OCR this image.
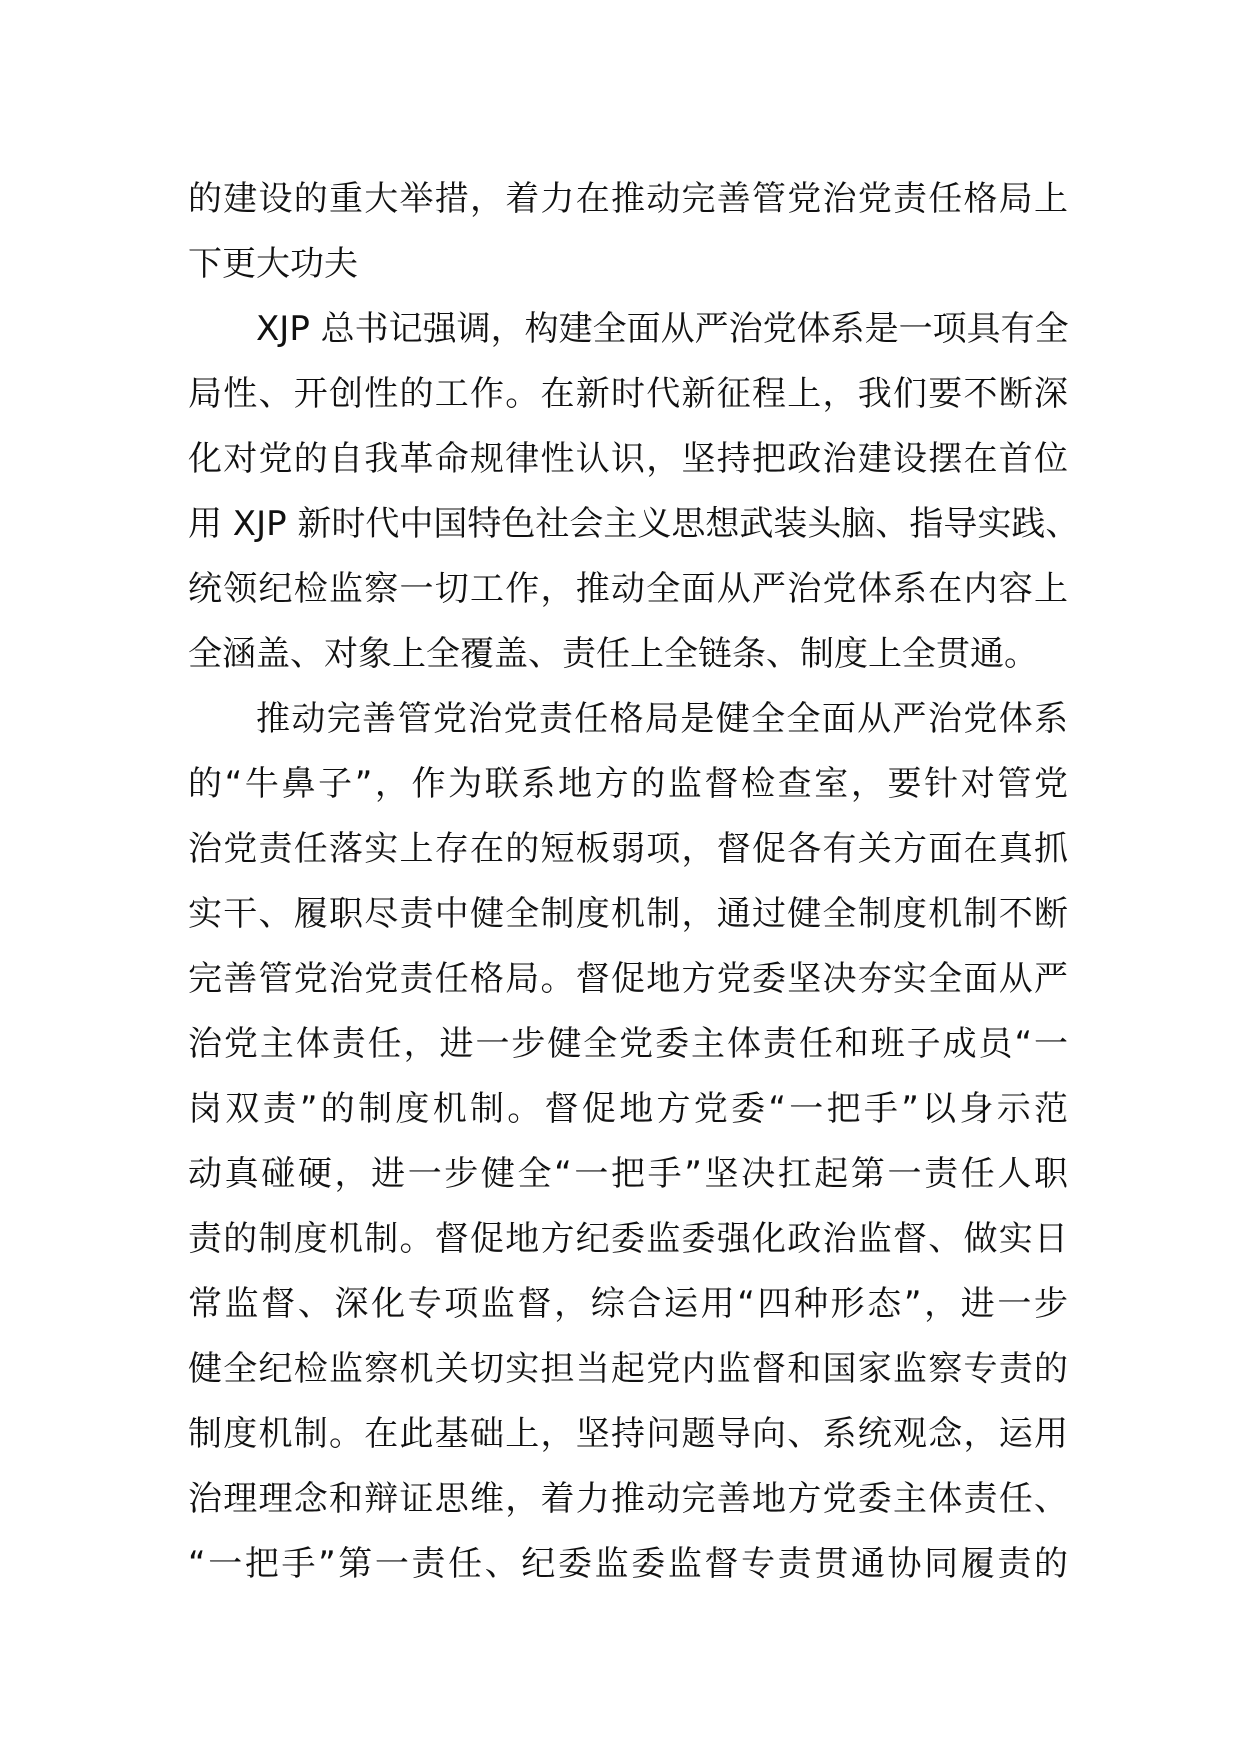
的建设的重大举措，着力在推动完善管党治党责任格局上
下更大功夫
XJP 总书记强调，构建全面从严治党体系是一项具有全
局性、开创性的工作。在新时代新征程上，我们要不断深
化对党的自我革命规律性认识，坚持把政治建设摆在首位
用 XJP 新时代中国特色社会主义思想武装头脑、指导实践、
统领纪检监察一切工作，推动全面从严治党体系在内容上
全涵盖、对象上全覆盖、责任上全链条、制度上全贯通。
推动完善管党治党责任格局是健全全面从严治党体系
的“牛鼻子”，作为联系地方的监督检查室，要针对管党
治党责任落实上存在的短板弱项，督促各有关方面在真抓
实干、履职尽责中健全制度机制，通过健全制度机制不断
完善管党治党责任格局。督促地方党委坚决夯实全面从严
治党主体责任，进一步健全党委主体责任和班子成员“一
岗双责”的制度机制。督促地方党委“一把手”以身示范
动真碰硬，进一步健全“一把手”坚决扛起第一责任人职
责的制度机制。督促地方纪委监委强化政治监督、做实日
常监督、深化专项监督，综合运用“四种形态”，进一步
健全纪检监察机关切实担当起党内监督和国家监察专责的
制度机制。在此基础上，坚持问题导向、系统观念，运用
治理理念和辩证思维，着力推动完善地方党委主体责任、
“一把手”第一责任、纪委监委监督专责贯通协同履责的
